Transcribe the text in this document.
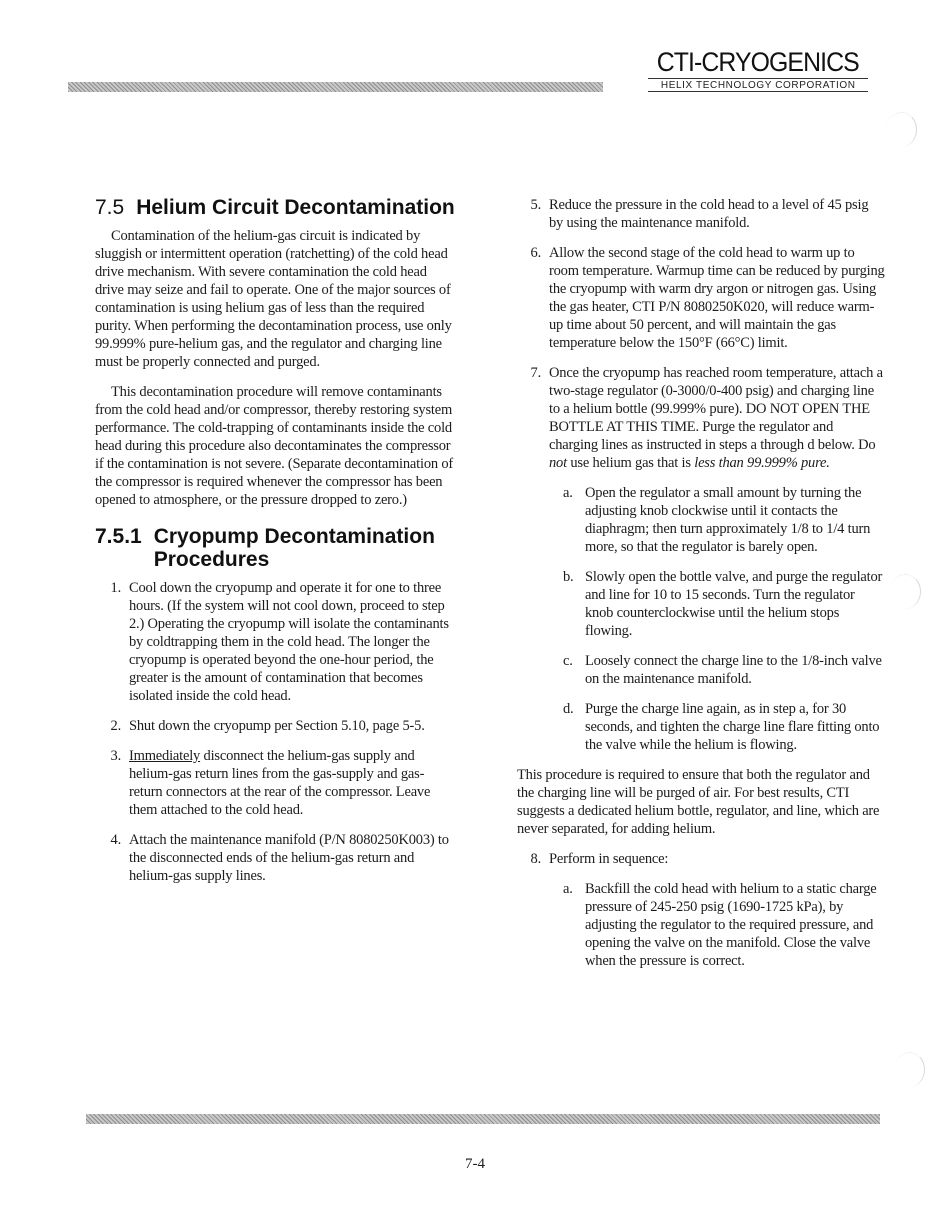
CTI-CRYOGENICS
HELIX TECHNOLOGY CORPORATION
7.5 Helium Circuit Decontamination

Contamination of the helium-gas circuit is indicated by sluggish or intermittent operation (ratchetting) of the cold head drive mechanism. With severe contamination the cold head drive may seize and fail to operate. One of the major sources of contamination is using helium gas of less than the required purity. When performing the decontamination process, use only 99.999% pure-helium gas, and the regulator and charging line must be properly connected and purged.

This decontamination procedure will remove contaminants from the cold head and/or compressor, thereby restoring system performance. The cold-trapping of contaminants inside the cold head during this procedure also decontaminates the compressor if the contamination is not severe. (Separate decontamination of the compressor is required whenever the compressor has been opened to atmosphere, or the pressure dropped to zero.)

7.5.1 Cryopump Decontamination Procedures
1. Cool down the cryopump and operate it for one to three hours. (If the system will not cool down, proceed to step 2.) Operating the cryopump will isolate the contaminants by coldtrapping them in the cold head. The longer the cryopump is operated beyond the one-hour period, the greater is the amount of contamination that becomes isolated inside the cold head.
2. Shut down the cryopump per Section 5.10, page 5-5.
3. Immediately disconnect the helium-gas supply and helium-gas return lines from the gas-supply and gas-return connectors at the rear of the compressor. Leave them attached to the cold head.
4. Attach the maintenance manifold (P/N 8080250K003) to the disconnected ends of the helium-gas return and helium-gas supply lines.
5. Reduce the pressure in the cold head to a level of 45 psig by using the maintenance manifold.
6. Allow the second stage of the cold head to warm up to room temperature. Warmup time can be reduced by purging the cryopump with warm dry argon or nitrogen gas. Using the gas heater, CTI P/N 8080250K020, will reduce warm-up time about 50 percent, and will maintain the gas temperature below the 150°F (66°C) limit.
7. Once the cryopump has reached room temperature, attach a two-stage regulator (0-3000/0-400 psig) and charging line to a helium bottle (99.999% pure). DO NOT OPEN THE BOTTLE AT THIS TIME. Purge the regulator and charging lines as instructed in steps a through d below. Do not use helium gas that is less than 99.999% pure.
a. Open the regulator a small amount by turning the adjusting knob clockwise until it contacts the diaphragm; then turn approximately 1/8 to 1/4 turn more, so that the regulator is barely open.
b. Slowly open the bottle valve, and purge the regulator and line for 10 to 15 seconds. Turn the regulator knob counterclockwise until the helium stops flowing.
c. Loosely connect the charge line to the 1/8-inch valve on the maintenance manifold.
d. Purge the charge line again, as in step a, for 30 seconds, and tighten the charge line flare fitting onto the valve while the helium is flowing.

This procedure is required to ensure that both the regulator and the charging line will be purged of air. For best results, CTI suggests a dedicated helium bottle, regulator, and line, which are never separated, for adding helium.

8. Perform in sequence:
a. Backfill the cold head with helium to a static charge pressure of 245-250 psig (1690-1725 kPa), by adjusting the regulator to the required pressure, and opening the valve on the manifold. Close the valve when the pressure is correct.
7-4
